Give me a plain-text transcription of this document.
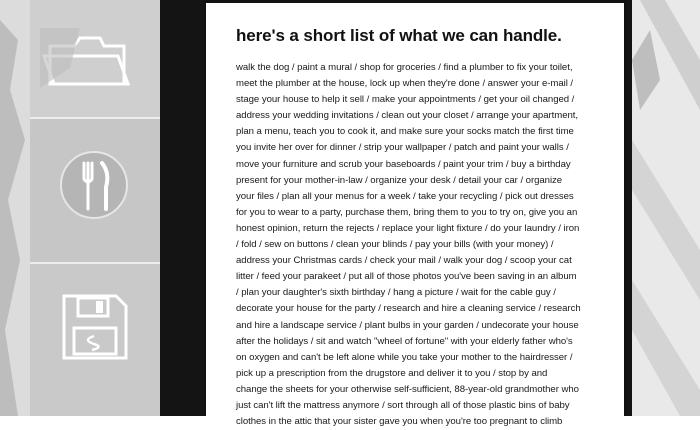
here's a short list of what we can handle.

walk the dog / paint a mural / shop for groceries / find a plumber to fix your toilet, meet the plumber at the house, lock up when they're done / answer your e-mail / stage your house to help it sell / make your appointments / get your oil changed / address your wedding invitations / clean out your closet / arrange your apartment, plan a menu, teach you to cook it, and make sure your socks match the first time you invite her over for dinner / strip your wallpaper / patch and paint your walls / move your furniture and scrub your baseboards / paint your trim / buy a birthday present for your mother-in-law / organize your desk / detail your car / organize your files / plan all your menus for a week / take your recycling / pick out dresses for you to wear to a party, purchase them, bring them to you to try on, give you an honest opinion, return the rejects / replace your light fixture / do your laundry / iron / fold / sew on buttons / clean your blinds / pay your bills (with your money) / address your Christmas cards / check your mail / walk your dog / scoop your cat litter / feed your parakeet / put all of those photos you've been saving in an album / plan your daughter's sixth birthday / hang a picture / wait for the cable guy / decorate your house for the party / research and hire a cleaning service / research and hire a landscape service / plant bulbs in your garden / undecorate your house after the holidays / sit and watch "wheel of fortune" with your elderly father who's on oxygen and can't be left alone while you take your mother to the hairdresser / pick up a prescription from the drugstore and deliver it to you / stop by and change the sheets for your otherwise self-sufficient, 88-year-old grandmother who just can't lift the mattress anymore / sort through all of those plastic bins of baby clothes in the attic that your sister gave you when you're too pregnant to climb
